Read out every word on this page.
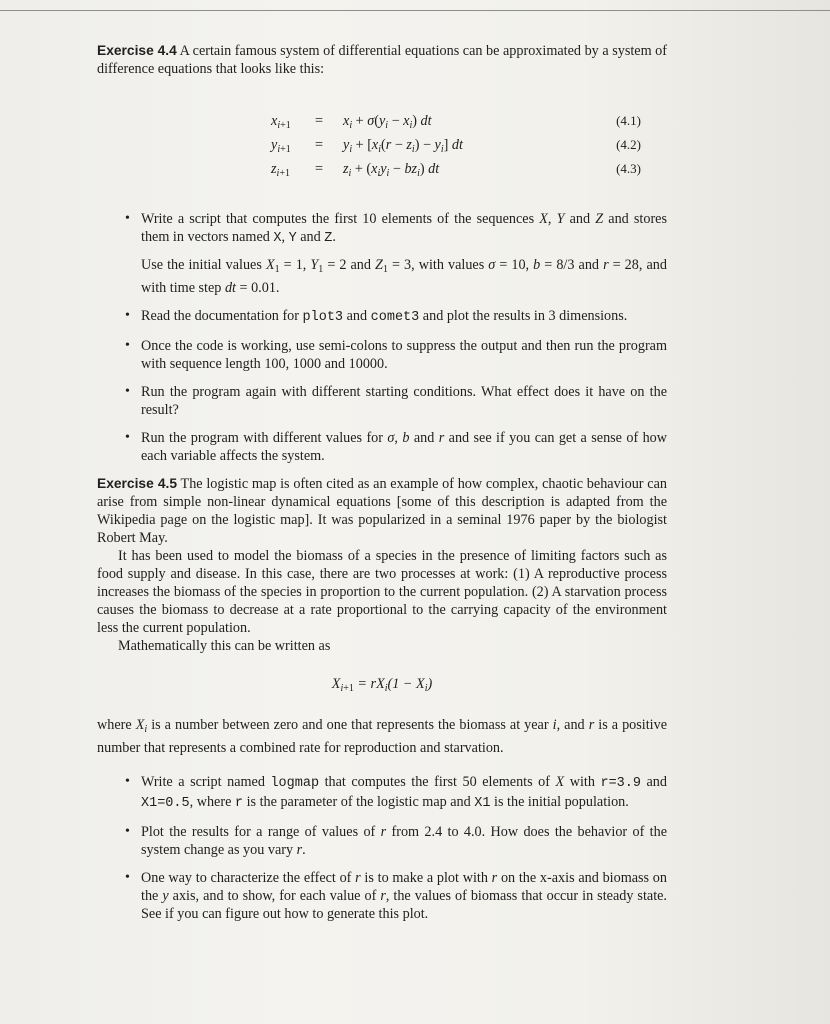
Exercise 4.4 A certain famous system of differential equations can be approximated by a system of difference equations that looks like this:

$x_{i+1} = x_i + \sigma(y_i - x_i)$ dt	(4.1)
$y_{i+1} = y_i + [x_i(r - z_i) - y_i]$ dt	(4.2)
$z_{i+1} = z_i + (x_iy_i - bz_i)$ dt	(4.3)
• Write a script that computes the first 10 elements of the sequences X, Y and Z and stores them in vectors named X, Y and Z.
Use the initial values $X_1 = 1$, $Y_1 = 2$ and $Z_1 = 3$, with values σ = 10, b = 8/3 and r = 28, and with time step dt = 0.01.
• Read the documentation for plot3 and comet3 and plot the results in 3 dimensions.
• Once the code is working, use semi-colons to suppress the output and then run the program with sequence length 100, 1000 and 10000.
• Run the program again with different starting conditions. What effect does it have on the result?
• Run the program with different values for σ, b and r and see if you can get a sense of how each variable affects the system.

Exercise 4.5 The logistic map is often cited as an example of how complex, chaotic behaviour can arise from simple non-linear dynamical equations [some of this description is adapted from the Wikipedia page on the logistic map]. It was popularized in a seminal 1976 paper by the biologist Robert May.

It has been used to model the biomass of a species in the presence of limiting factors such as food supply and disease. In this case, there are two processes at work: (1) A reproductive process increases the biomass of the species in proportion to the current population. (2) A starvation process causes the biomass to decrease at a rate proportional to the carrying capacity of the environment less the current population.

Mathematically this can be written as

$X_{i+1} = rX_i(1 - X_i)$

where $X_i$ is a number between zero and one that represents the biomass at year i, and r is a positive number that represents a combined rate for reproduction and starvation.

• Write a script named logmap that computes the first 50 elements of X with r=3.9 and X1=0.5, where r is the parameter of the logistic map and X1 is the initial population.
• Plot the results for a range of values of r from 2.4 to 4.0. How does the behavior of the system change as you vary r.
• One way to characterize the effect of r is to make a plot with r on the x-axis and biomass on the y axis, and to show, for each value of r, the values of biomass that occur in steady state. See if you can figure out how to generate this plot.
